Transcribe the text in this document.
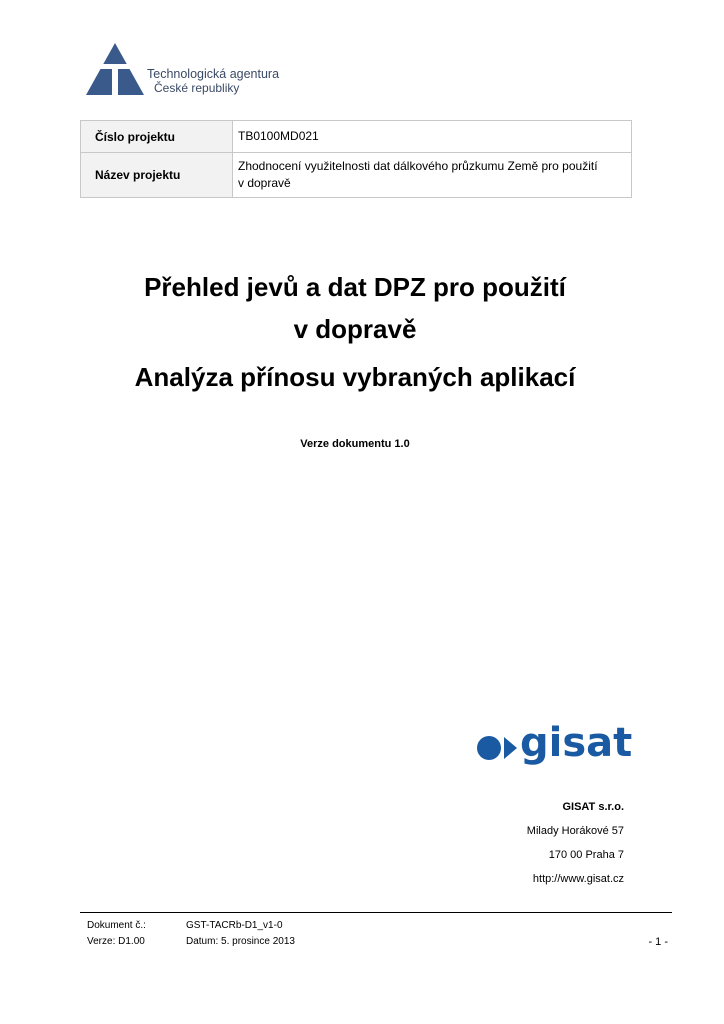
Technologická agentura
České republiky
Číslo projektu	TB0100MD021
Název projektu	Zhodnocení využitelnosti dat dálkového průzkumu Země pro použití
v dopravě
Přehled jevů a dat DPZ pro použití
v dopravě
Analýza přínosu vybraných aplikací
Verze dokumentu 1.0
gisat
GISAT s.r.o.
Milady Horákové 57
170 00 Praha 7
http://www.gisat.cz
Dokument č.:	GST-TACRb-D1_v1-0
Verze: D1.00	Datum: 5. prosince 2013	- 1 -
